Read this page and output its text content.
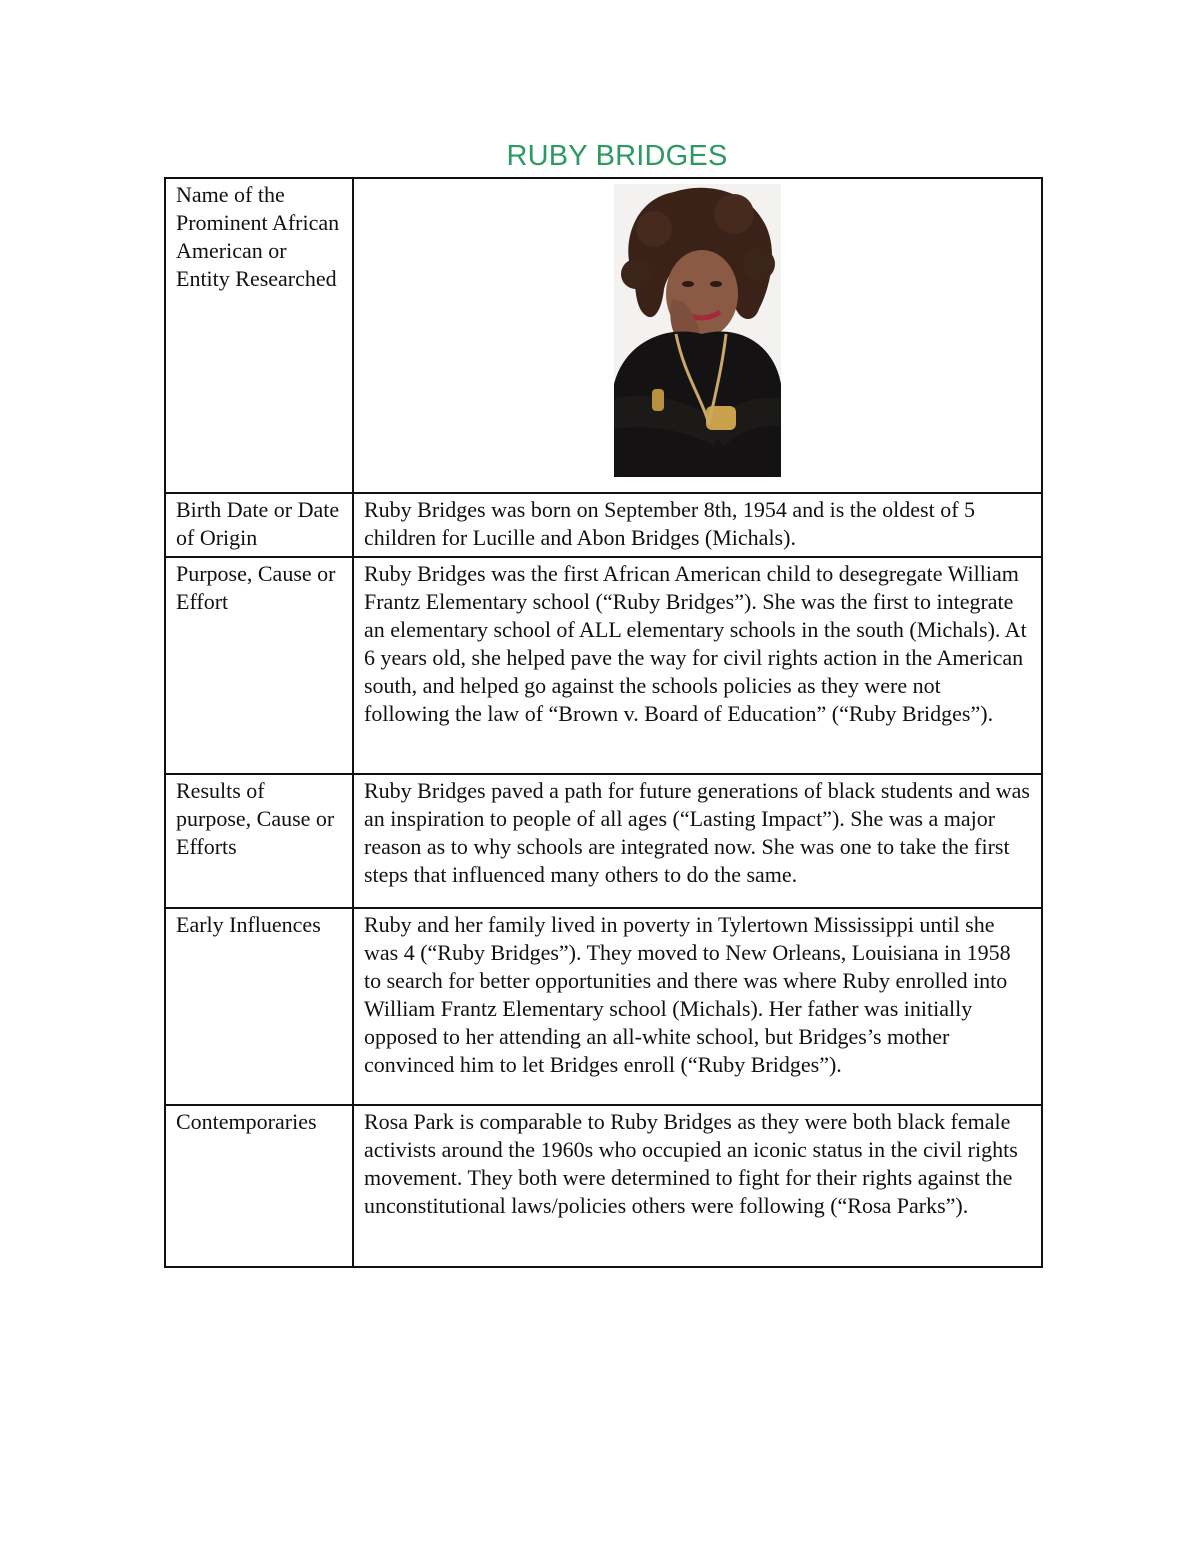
RUBY BRIDGES
Name of the Prominent African American or Entity Researched	

Birth Date or Date of Origin	Ruby Bridges was born on September 8th, 1954 and is the oldest of 5 children for Lucille and Abon Bridges (Michals).
Purpose, Cause or Effort	Ruby Bridges was the first African American child to desegregate William Frantz Elementary school (“Ruby Bridges”). She was the first to integrate an elementary school of ALL elementary schools in the south (Michals). At 6 years old, she helped pave the way for civil rights action in the American south, and helped go against the schools policies as they were not following the law of “Brown v. Board of Education” (“Ruby Bridges”).
Results of purpose, Cause or Efforts	Ruby Bridges paved a path for future generations of black students and was an inspiration to people of all ages (“Lasting Impact”). She was a major reason as to why schools are integrated now. She was one to take the first steps that influenced many others to do the same.
Early Influences	Ruby and her family lived in poverty in Tylertown Mississippi until she was 4 (“Ruby Bridges”). They moved to New Orleans, Louisiana in 1958 to search for better opportunities and there was where Ruby enrolled into William Frantz Elementary school (Michals). Her father was initially opposed to her attending an all-white school, but Bridges’s mother convinced him to let Bridges enroll (“Ruby Bridges”).
Contemporaries	Rosa Park is comparable to Ruby Bridges as they were both black female activists around the 1960s who occupied an iconic status in the civil rights movement. They both were determined to fight for their rights against the unconstitutional laws/policies others were following (“Rosa Parks”).
